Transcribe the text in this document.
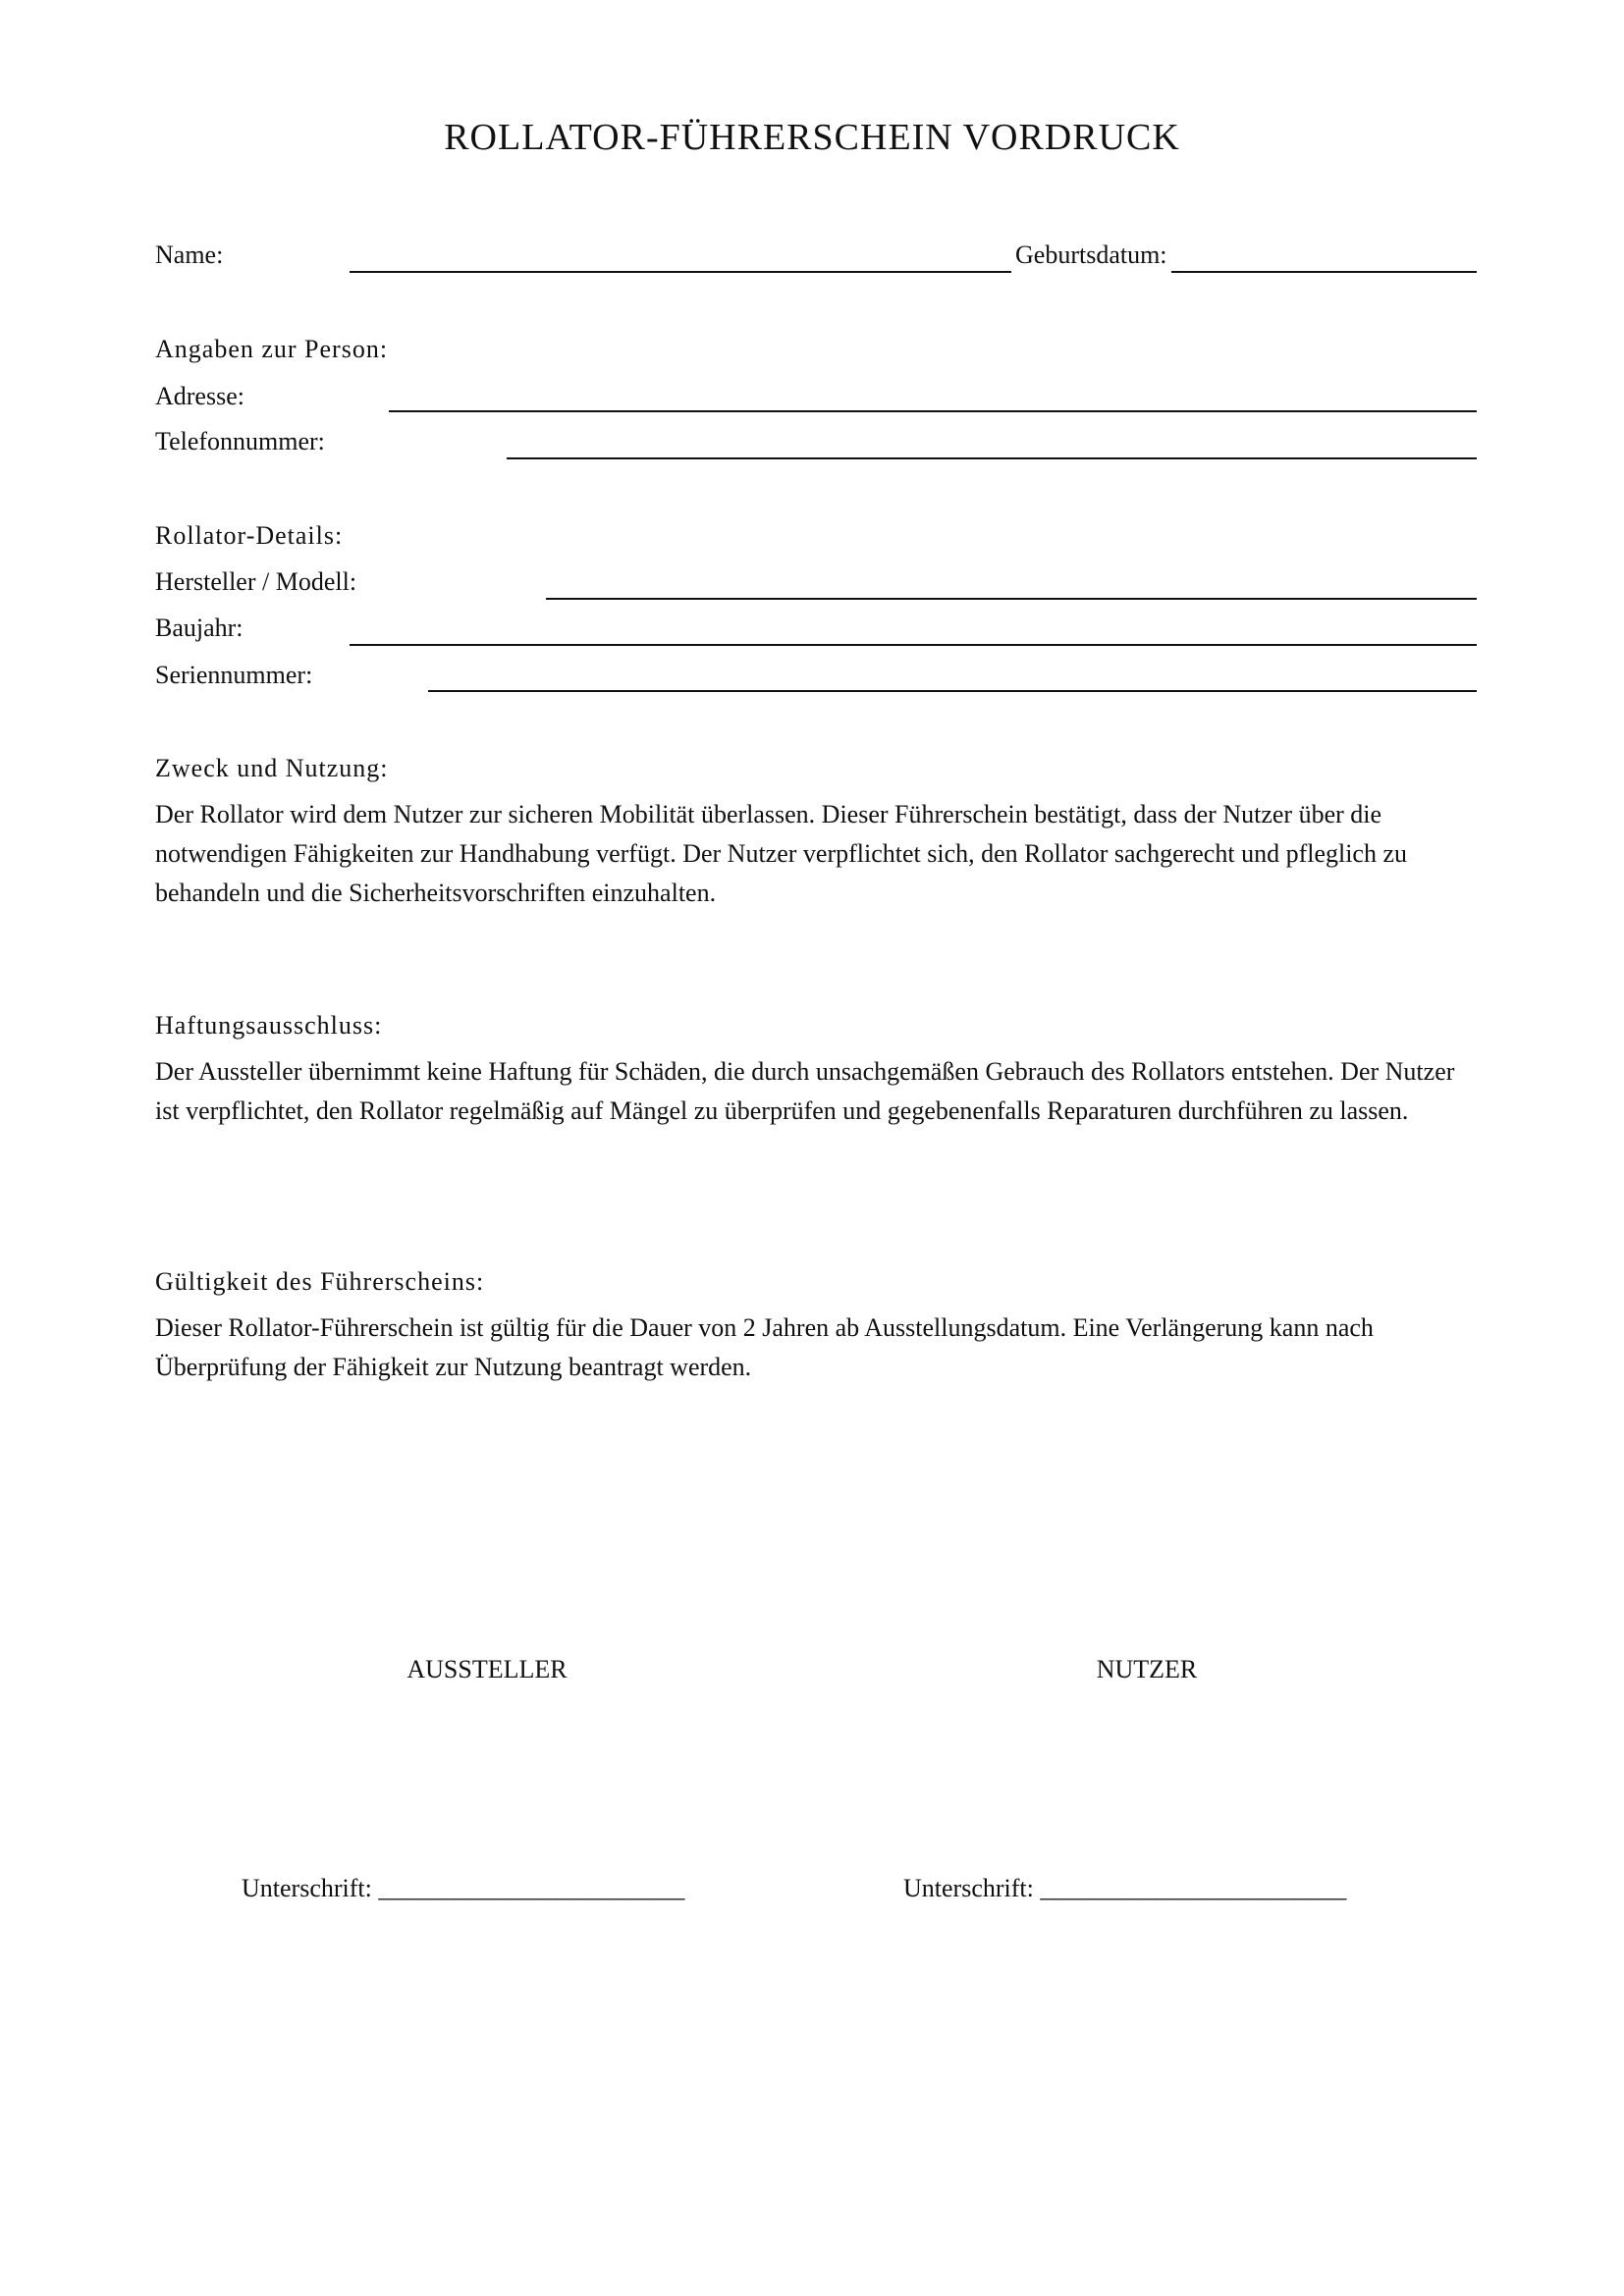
ROLLATOR-FÜHRERSCHEIN VORDRUCK
Name:	Geburtsdatum:
Angaben zur Person:
Adresse:
Telefonnummer:
Rollator-Details:
Hersteller / Modell:
Baujahr:
Seriennummer:
Zweck und Nutzung:
Der Rollator wird dem Nutzer zur sicheren Mobilität überlassen. Dieser Führerschein bestätigt, dass der Nutzer über die notwendigen Fähigkeiten zur Handhabung verfügt. Der Nutzer verpflichtet sich, den Rollator sachgerecht und pfleglich zu behandeln und die Sicherheitsvorschriften einzuhalten.
Haftungsausschluss:
Der Aussteller übernimmt keine Haftung für Schäden, die durch unsachgemäßen Gebrauch des Rollators entstehen. Der Nutzer ist verpflichtet, den Rollator regelmäßig auf Mängel zu überprüfen und gegebenenfalls Reparaturen durchführen zu lassen.
Gültigkeit des Führerscheins:
Dieser Rollator-Führerschein ist gültig für die Dauer von 2 Jahren ab Ausstellungsdatum. Eine Verlängerung kann nach Überprüfung der Fähigkeit zur Nutzung beantragt werden.
AUSSTELLER	NUTZER
Unterschrift: ________________________	Unterschrift: ________________________
